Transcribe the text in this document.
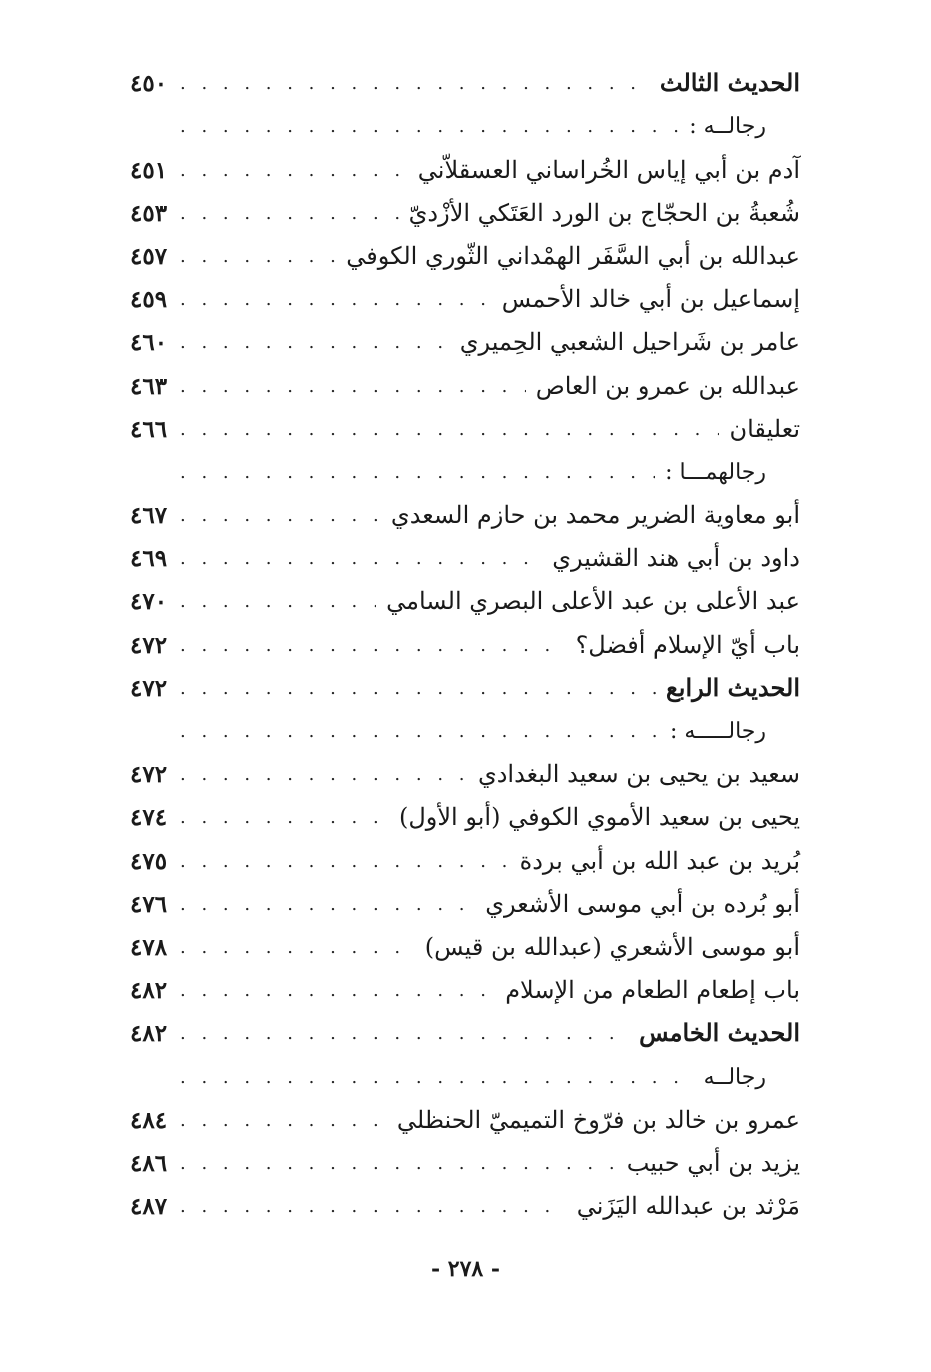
الحديث الثالث
. . .
٤٥٠
رجالــه :
. . .
آدم بن أبي إياس الخُراساني العسقلاّني
. . .
٤٥١
شُعبةُ بن الحجّاج بن الورد العَتَكي الأزْديّ
. . .
٤٥٣
عبدالله بن أبي السَّفَر الهمْداني الثّوري الكوفي
. . .
٤٥٧
إسماعيل بن أبي خالد الأحمس
. . .
٤٥٩
عامر بن شَراحيل الشعبي الحِميري
. . .
٤٦٠
عبدالله بن عمرو بن العاص
. . .
٤٦٣
تعليقان
. . .
٤٦٦
رجالهمـــا :
. . .
أبو معاوية الضرير محمد بن حازم السعدي
. . .
٤٦٧
داود بن أبي هند القشيري
. . .
٤٦٩
عبد الأعلى بن عبد الأعلى البصري السامي
. . .
٤٧٠
باب أيّ الإسلام أفضل؟
. . .
٤٧٢
الحديث الرابع
. . .
٤٧٢
رجالـــــه :
. . .
سعيد بن يحيى بن سعيد البغدادي
. . .
٤٧٢
يحيى بن سعيد الأموي الكوفي (أبو الأول)
. . .
٤٧٤
بُريد بن عبد الله بن أبي بردة
. . .
٤٧٥
أبو بُرده بن أبي موسى الأشعري
. . .
٤٧٦
أبو موسى الأشعري (عبدالله بن قيس)
. . .
٤٧٨
باب إطعام الطعام من الإسلام
. . .
٤٨٢
الحديث الخامس
. . .
٤٨٢
رجالــه
. . .
عمرو بن خالد بن فرّوخ التميميّ الحنظلي
. . .
٤٨٤
يزيد بن أبي حبيب
. . .
٤٨٦
مَرْثد بن عبدالله اليَزَني
. . .
٤٨٧
- ٢٧٨ -
